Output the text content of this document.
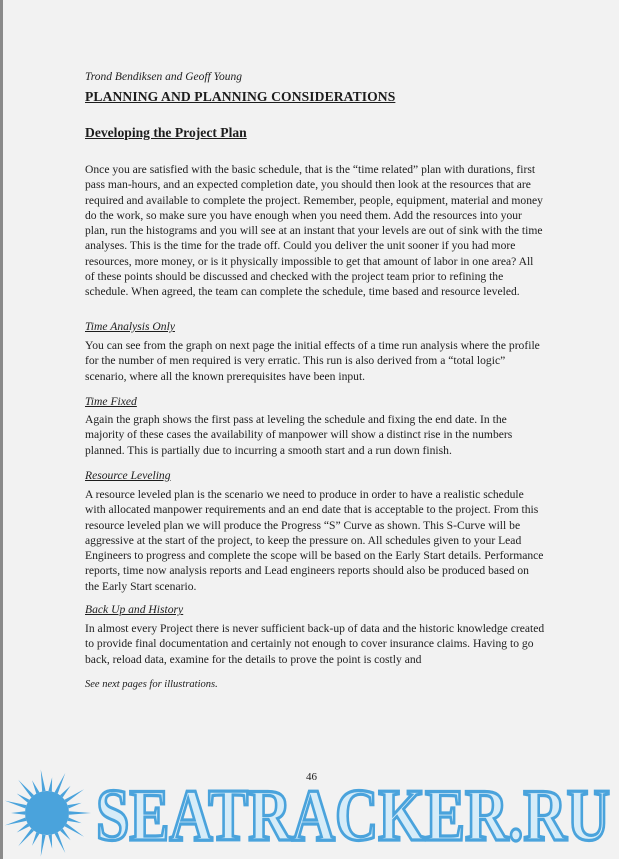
Trond Bendiksen and Geoff Young
PLANNING AND PLANNING CONSIDERATIONS
Developing the Project Plan

Once you are satisfied with the basic schedule, that is the “time related” plan with durations, first pass man-hours, and an expected completion date, you should then look at the resources that are required and available to complete the project. Remember, people, equipment, material and money do the work, so make sure you have enough when you need them. Add the resources into your plan, run the histograms and you will see at an instant that your levels are out of sink with the time analyses. This is the time for the trade off. Could you deliver the unit sooner if you had more resources, more money, or is it physically impossible to get that amount of labor in one area? All of these points should be discussed and checked with the project team prior to refining the schedule. When agreed, the team can complete the schedule, time based and resource leveled.

Time Analysis Only

You can see from the graph on next page the initial effects of a time run analysis where the profile for the number of men required is very erratic. This run is also derived from a “total logic” scenario, where all the known prerequisites have been input.

Time Fixed

Again the graph shows the first pass at leveling the schedule and fixing the end date. In the majority of these cases the availability of manpower will show a distinct rise in the numbers planned. This is partially due to incurring a smooth start and a run down finish.

Resource Leveling

A resource leveled plan is the scenario we need to produce in order to have a realistic schedule with allocated manpower requirements and an end date that is acceptable to the project. From this resource leveled plan we will produce the Progress “S” Curve as shown. This S-Curve will be aggressive at the start of the project, to keep the pressure on. All schedules given to your Lead Engineers to progress and complete the scope will be based on the Early Start details. Performance reports, time now analysis reports and Lead engineers reports should also be produced based on the Early Start scenario.

Back Up and History

In almost every Project there is never sufficient back-up of data and the historic knowledge created to provide final documentation and certainly not enough to cover insurance claims. Having to go back, reload data, examine for the details to prove the point is costly and

See next pages for illustrations.
46
SEATRACKER.RU
